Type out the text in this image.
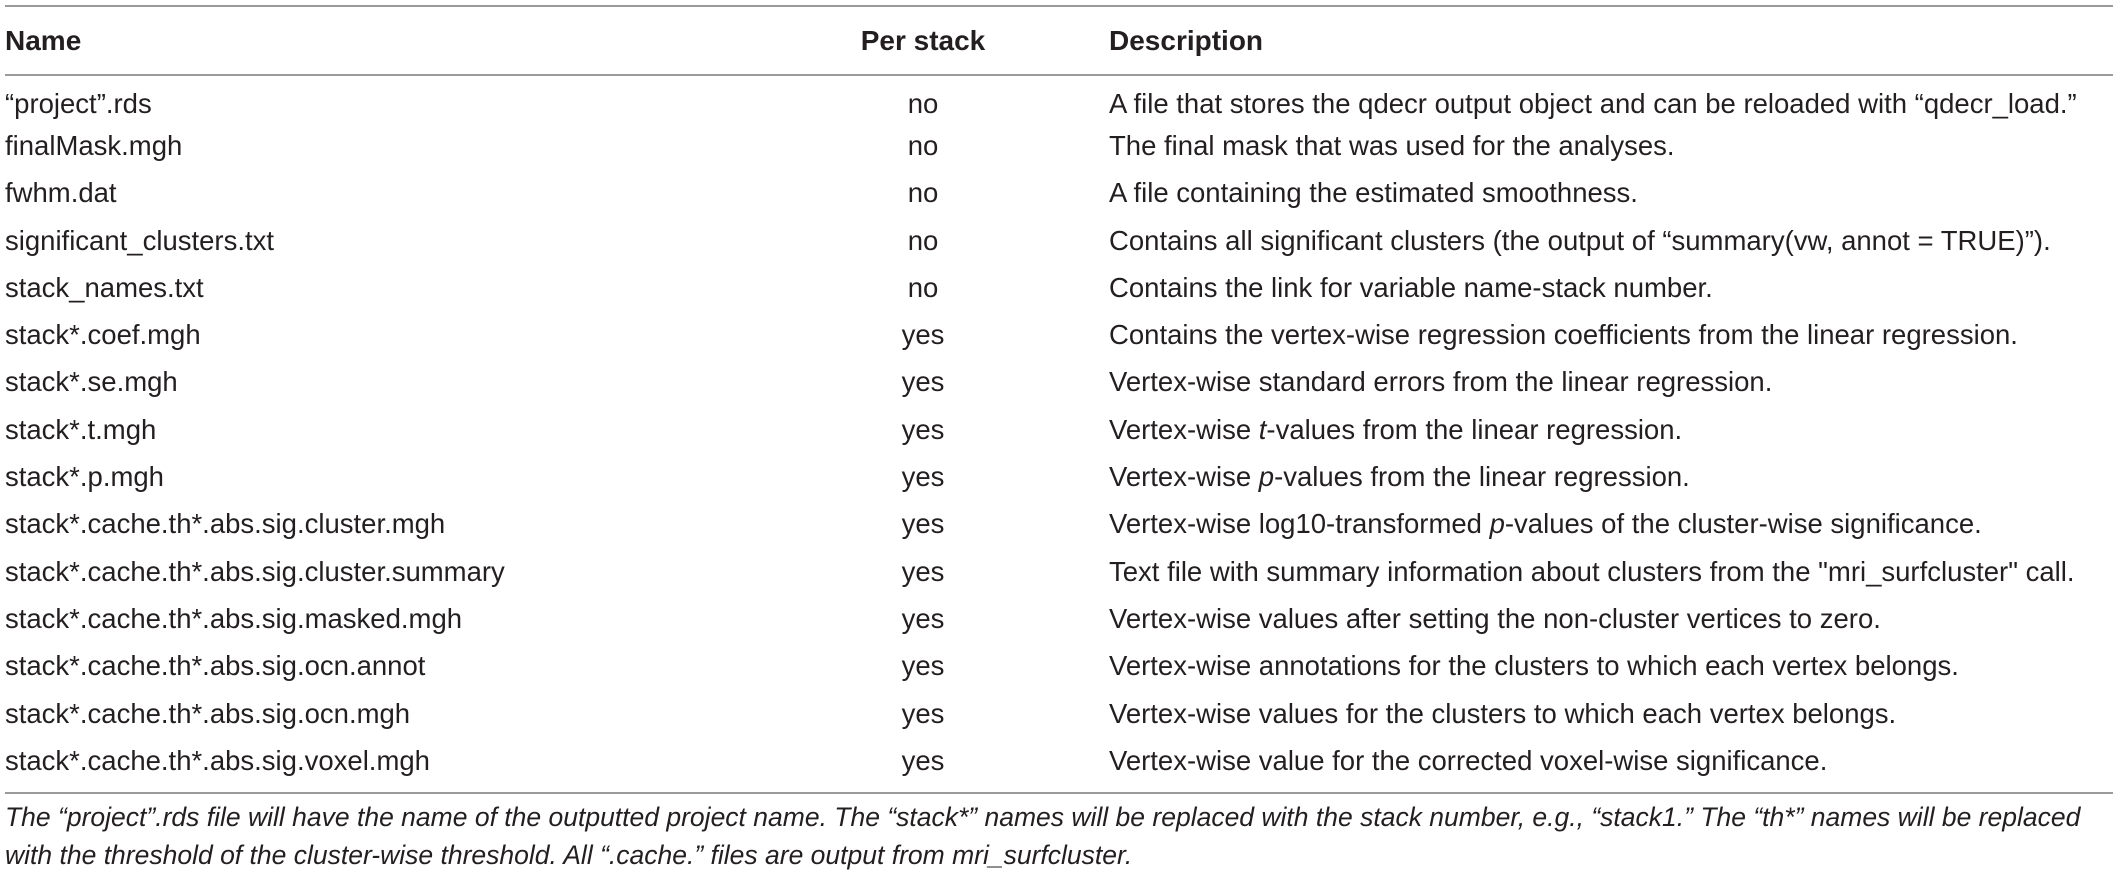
Name	Per stack	Description
“project”.rds	no	A file that stores the qdecr output object and can be reloaded with “qdecr_load.”
finalMask.mgh	no	The final mask that was used for the analyses.
fwhm.dat	no	A file containing the estimated smoothness.
significant_clusters.txt	no	Contains all significant clusters (the output of “summary(vw, annot = TRUE)”).
stack_names.txt	no	Contains the link for variable name-stack number.
stack*.coef.mgh	yes	Contains the vertex-wise regression coefficients from the linear regression.
stack*.se.mgh	yes	Vertex-wise standard errors from the linear regression.
stack*.t.mgh	yes	Vertex-wise t-values from the linear regression.
stack*.p.mgh	yes	Vertex-wise p-values from the linear regression.
stack*.cache.th*.abs.sig.cluster.mgh	yes	Vertex-wise log10-transformed p-values of the cluster-wise significance.
stack*.cache.th*.abs.sig.cluster.summary	yes	Text file with summary information about clusters from the "mri_surfcluster" call.
stack*.cache.th*.abs.sig.masked.mgh	yes	Vertex-wise values after setting the non-cluster vertices to zero.
stack*.cache.th*.abs.sig.ocn.annot	yes	Vertex-wise annotations for the clusters to which each vertex belongs.
stack*.cache.th*.abs.sig.ocn.mgh	yes	Vertex-wise values for the clusters to which each vertex belongs.
stack*.cache.th*.abs.sig.voxel.mgh	yes	Vertex-wise value for the corrected voxel-wise significance.
The “project”.rds file will have the name of the outputted project name. The “stack*” names will be replaced with the stack number, e.g., “stack1.” The “th*” names will be replaced with the threshold of the cluster-wise threshold. All “.cache.” files are output from mri_surfcluster.
